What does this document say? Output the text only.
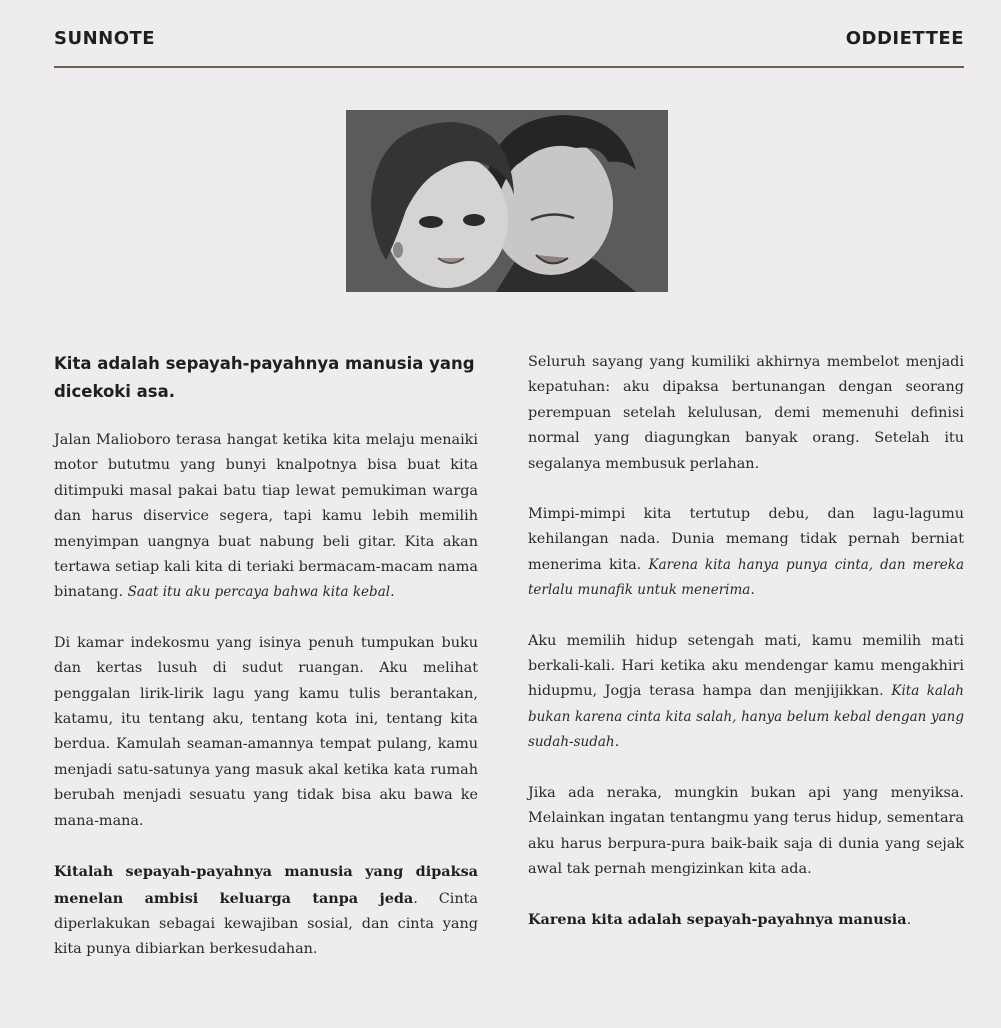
SUNNOTE	ODDIETTEE

Kita adalah sepayah-payahnya manusia yang dicekoki asa.

Jalan Malioboro terasa hangat ketika kita melaju menaiki motor bututmu yang bunyi knalpotnya bisa buat kita ditimpuki masal pakai batu tiap lewat pemukiman warga dan harus diservice segera, tapi kamu lebih memilih menyimpan uangnya buat nabung beli gitar. Kita akan tertawa setiap kali kita di teriaki bermacam-macam nama binatang. Saat itu aku percaya bahwa kita kebal.

Di kamar indekosmu yang isinya penuh tumpukan buku dan kertas lusuh di sudut ruangan. Aku melihat penggalan lirik-lirik lagu yang kamu tulis berantakan, katamu, itu tentang aku, tentang kota ini, tentang kita berdua. Kamulah seaman-amannya tempat pulang, kamu menjadi satu-satunya yang masuk akal ketika kata rumah berubah menjadi sesuatu yang tidak bisa aku bawa ke mana-mana.

Kitalah sepayah-payahnya manusia yang dipaksa menelan ambisi keluarga tanpa jeda. Cinta diperlakukan sebagai kewajiban sosial, dan cinta yang kita punya dibiarkan berkesudahan.

Seluruh sayang yang kumiliki akhirnya membelot menjadi kepatuhan: aku dipaksa bertunangan dengan seorang perempuan setelah kelulusan, demi memenuhi definisi normal yang diagungkan banyak orang. Setelah itu segalanya membusuk perlahan.

Mimpi-mimpi kita tertutup debu, dan lagu-lagumu kehilangan nada. Dunia memang tidak pernah berniat menerima kita. Karena kita hanya punya cinta, dan mereka terlalu munafik untuk menerima.

Aku memilih hidup setengah mati, kamu memilih mati berkali-kali. Hari ketika aku mendengar kamu mengakhiri hidupmu, Jogja terasa hampa dan menjijikkan. Kita kalah bukan karena cinta kita salah, hanya belum kebal dengan yang sudah-sudah.

Jika ada neraka, mungkin bukan api yang menyiksa. Melainkan ingatan tentangmu yang terus hidup, sementara aku harus berpura-pura baik-baik saja di dunia yang sejak awal tak pernah mengizinkan kita ada.

Karena kita adalah sepayah-payahnya manusia.
